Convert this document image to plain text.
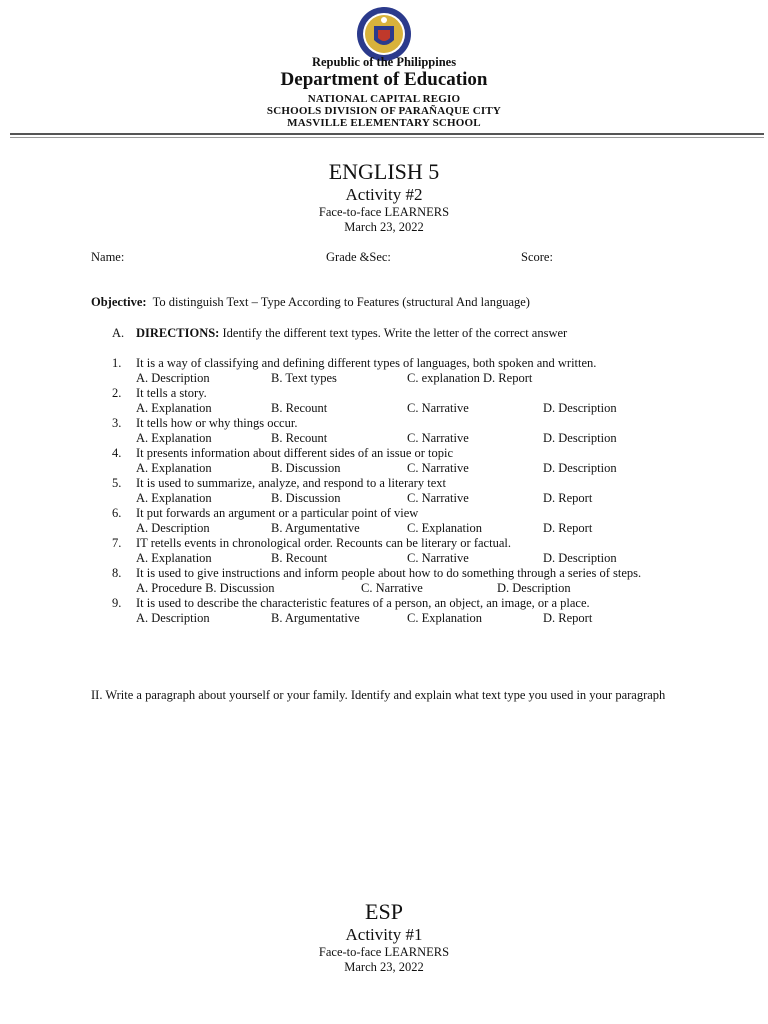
Republic of the Philippines
Department of Education
NATIONAL CAPITAL REGIO
SCHOOLS DIVISION OF PARAÑAQUE CITY
MASVILLE ELEMENTARY SCHOOL
ENGLISH 5
Activity #2
Face-to-face LEARNERS
March 23, 2022
Name:	Grade &Sec:	Score:
Objective: To distinguish Text – Type According to Features (structural And language)
A. DIRECTIONS: Identify the different text types. Write the letter of the correct answer
1. It is a way of classifying and defining different types of languages, both spoken and written.
A. Description	B. Text types	C. explanation D. Report
2. It tells a story.
A. Explanation	B. Recount	C. Narrative	D. Description
3. It tells how or why things occur.
A. Explanation	B. Recount	C. Narrative	D. Description
4. It presents information about different sides of an issue or topic
A. Explanation	B. Discussion	C. Narrative	D. Description
5. It is used to summarize, analyze, and respond to a literary text
A. Explanation	B. Discussion	C. Narrative	D. Report
6. It put forwards an argument or a particular point of view
A. Description	B. Argumentative	C. Explanation	D. Report
7. IT retells events in chronological order. Recounts can be literary or factual.
A. Explanation	B. Recount	C. Narrative	D. Description
8. It is used to give instructions and inform people about how to do something through a series of steps.
A. Procedure B. Discussion	C. Narrative	D. Description
9. It is used to describe the characteristic features of a person, an object, an image, or a place.
A. Description	B. Argumentative	C. Explanation	D. Report
II. Write a paragraph about yourself or your family. Identify and explain what text type you used in your paragraph
ESP
Activity #1
Face-to-face LEARNERS
March 23, 2022
